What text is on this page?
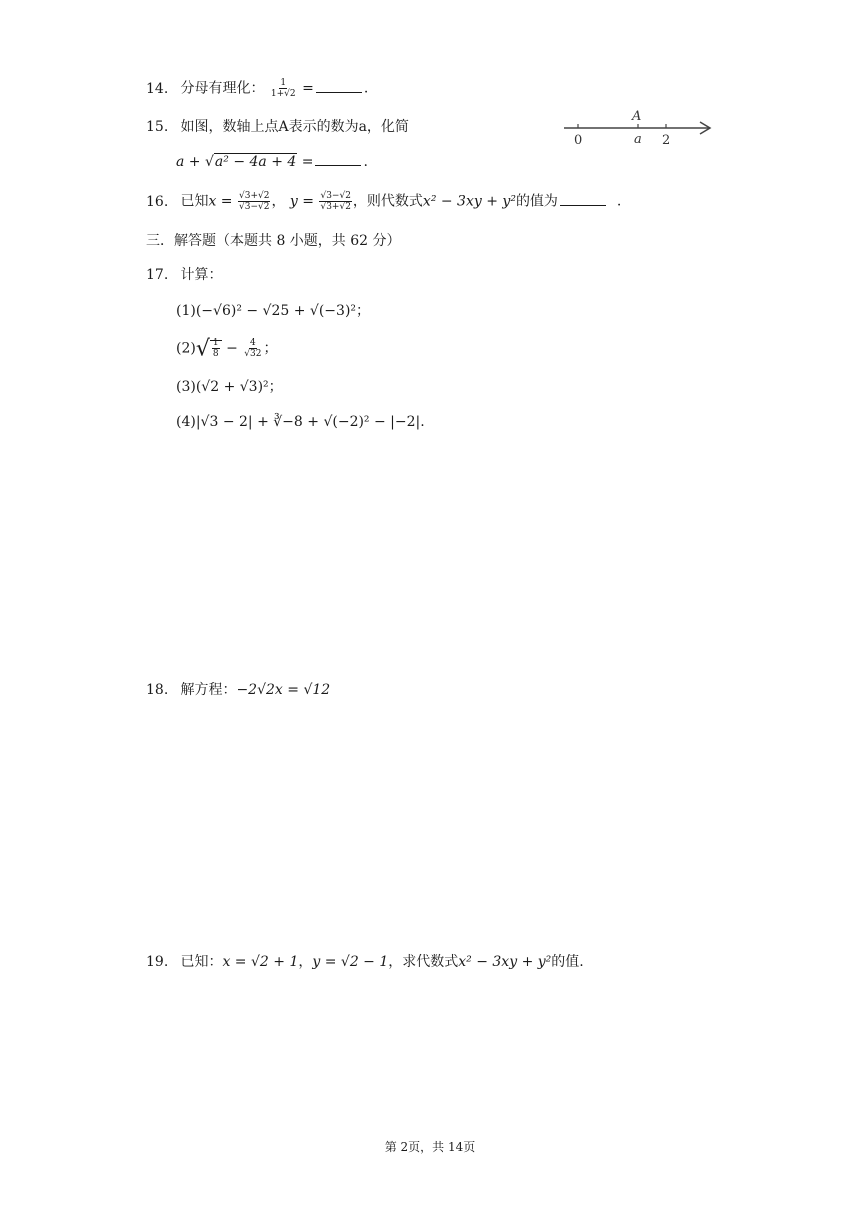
14. 分母有理化： $\frac{1}{1+√2}$ =	.
15. 如图，数轴上点A表示的数为a，化简
a + √a² − 4a + 4 =	.
A
0	a 2
16. 已知$x = \frac{√3+√2}{√3-√2}$ ， $y = \frac{√3-√2}{√3+√2}$ ，则代数式x² − 3xy + y²的值为	.
三．解答题（本题共 8 小题，共 62 分）
17. 计算：
(1)(−√6)² − √25 + √(−3)²；
$(2)√ \frac{1}{8} - \frac{4}{√32}$ ；
(3)(√2 + √3)²；
(4)|√3 − 2| + ∛−8 + √(−2)² − |−2|.
18. 解方程：−2√2x = √12
19. 已知：x = √2 + 1，y = √2 − 1，求代数式x² − 3xy + y²的值.
第 2页，共 14页
